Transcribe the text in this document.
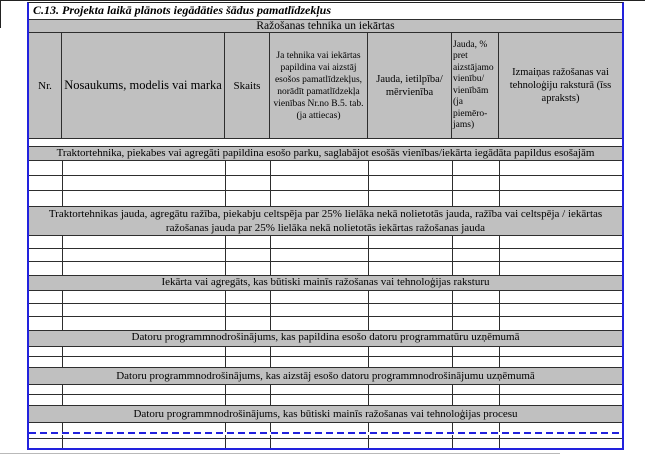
C.13. Projekta laikā plānots iegādāties šādus pamatlīdzekļus
Ražošanas tehnika un iekārtas
Nr. Nosaukums, modelis vai marka	Skaits
Ja tehnika vai iekārtas papildina vai aizstāj esošos pamatlīdzekļus, norādīt pamatlīdzekļa vienības Nr.no B.5. tab. (ja attiecas)
Jauda, ietilpība/ mērvienība
Jauda, % pret aizstājamo vienību/ vienībām (ja piemēro- jams)
Izmaiņas ražošanas vai tehnoloģiju raksturā (īss apraksts)
Traktortehnika, piekabes vai agregāti papildina esošo parku, saglabājot esošās vienības/iekārta iegādāta papildus esošajām
Traktortehnikas jauda, agregātu ražība, piekabju celtspēja par 25% lielāka nekā nolietotās jauda, ražība vai celtspēja / iekārtas ražošanas jauda par 25% lielāka nekā nolietotās iekārtas ražošanas jauda
Iekārta vai agregāts, kas būtiski mainīs ražošanas vai tehnoloģijas raksturu
Datoru programmnodrošinājums, kas papildina esošo datoru programmatūru uzņēmumā
Datoru programmnodrošinājums, kas aizstāj esošo datoru programmnodrošinājumu uzņēmumā
Datoru programmnodrošinājums, kas būtiski mainīs ražošanas vai tehnoloģijas procesu
